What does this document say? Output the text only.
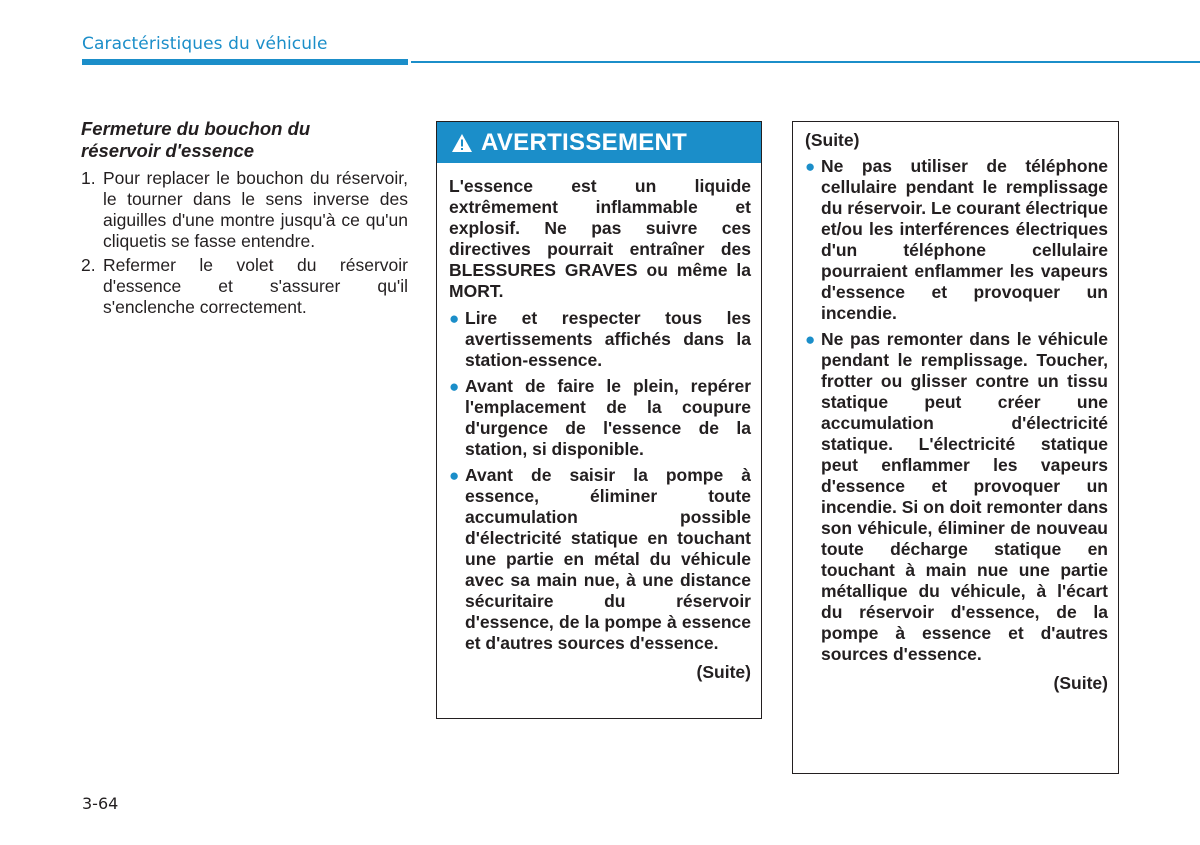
Caractéristiques du véhicule
Fermeture du bouchon du
réservoir d'essence
1. Pour replacer le bouchon du réservoir, le tourner dans le sens inverse des aiguilles d'une montre jusqu'à ce qu'un cliquetis se fasse entendre.
2. Refermer le volet du réservoir d'essence et s'assurer qu'il s'enclenche correctement.
AVERTISSEMENT

L'essence est un liquide extrêmement inflammable et explosif. Ne pas suivre ces directives pourrait entraîner des BLESSURES GRAVES ou même la MORT.

● Lire et respecter tous les avertissements affichés dans la station-essence.
● Avant de faire le plein, repérer l'emplacement de la coupure d'urgence de l'essence de la station, si disponible.
● Avant de saisir la pompe à essence, éliminer toute accumulation possible d'électricité statique en touchant une partie en métal du véhicule avec sa main nue, à une distance sécuritaire du réservoir d'essence, de la pompe à essence et d'autres sources d'essence.
(Suite)
(Suite)
● Ne pas utiliser de téléphone cellulaire pendant le remplissage du réservoir. Le courant électrique et/ou les interférences électriques d'un téléphone cellulaire pourraient enflammer les vapeurs d'essence et provoquer un incendie.
● Ne pas remonter dans le véhicule pendant le remplissage. Toucher, frotter ou glisser contre un tissu statique peut créer une accumulation d'électricité statique. L'électricité statique peut enflammer les vapeurs d'essence et provoquer un incendie. Si on doit remonter dans son véhicule, éliminer de nouveau toute décharge statique en touchant à main nue une partie métallique du véhicule, à l'écart du réservoir d'essence, de la pompe à essence et d'autres sources d'essence.
(Suite)
3-64
